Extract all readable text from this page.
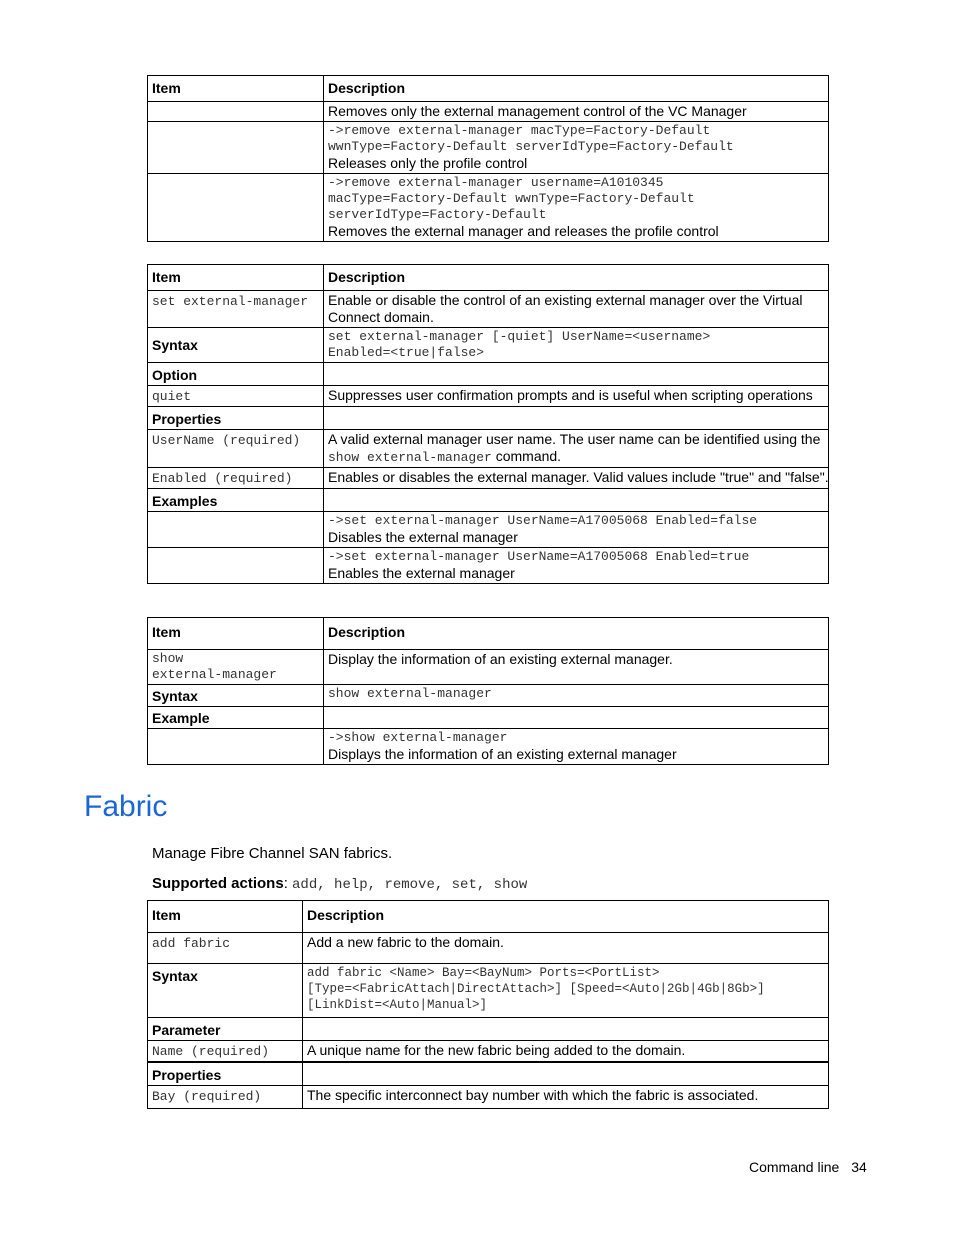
Item	Description
	Removes only the external management control of the VC Manager

	->remove external-manager macType=Factory-Default
wwnType=Factory-Default serverIdType=Factory-Default
Releases only the profile control

	->remove external-manager username=A1010345
macType=Factory-Default wwnType=Factory-Default
serverIdType=Factory-Default
Removes the external manager and releases the profile control
Item	Description
set external-manager	Enable or disable the control of an existing external manager over the Virtual Connect domain.
Syntax	set external-manager [-quiet] UserName=<username>
Enabled=<true|false>

Option	
quiet	Suppresses user confirmation prompts and is useful when scripting operations
Properties	
UserName (required)	A valid external manager user name. The user name can be identified using the
show external-manager command.
Enabled (required)	Enables or disables the external manager. Valid values include "true" and "false".
Examples	

	->set external-manager UserName=A17005068 Enabled=false
Disables the external manager

	->set external-manager UserName=A17005068 Enabled=true
Enables the external manager
Item	Description

show
external-manager	Display the information of an existing external manager.
Syntax	show external-manager

Example	

	->show external-manager
Displays the information of an existing external manager
Fabric
Manage Fibre Channel SAN fabrics.
Supported actions: add, help, remove, set, show
Item	Description
add fabric	Add a new fabric to the domain.
Syntax	add fabric <Name> Bay=<BayNum> Ports=<PortList>
[Type=<FabricAttach|DirectAttach>] [Speed=<Auto|2Gb|4Gb|8Gb>]
[LinkDist=<Auto|Manual>]

Parameter	
Name (required)	A unique name for the new fabric being added to the domain.
Properties	
Bay (required)	The specific interconnect bay number with which the fabric is associated.
Command line 34
